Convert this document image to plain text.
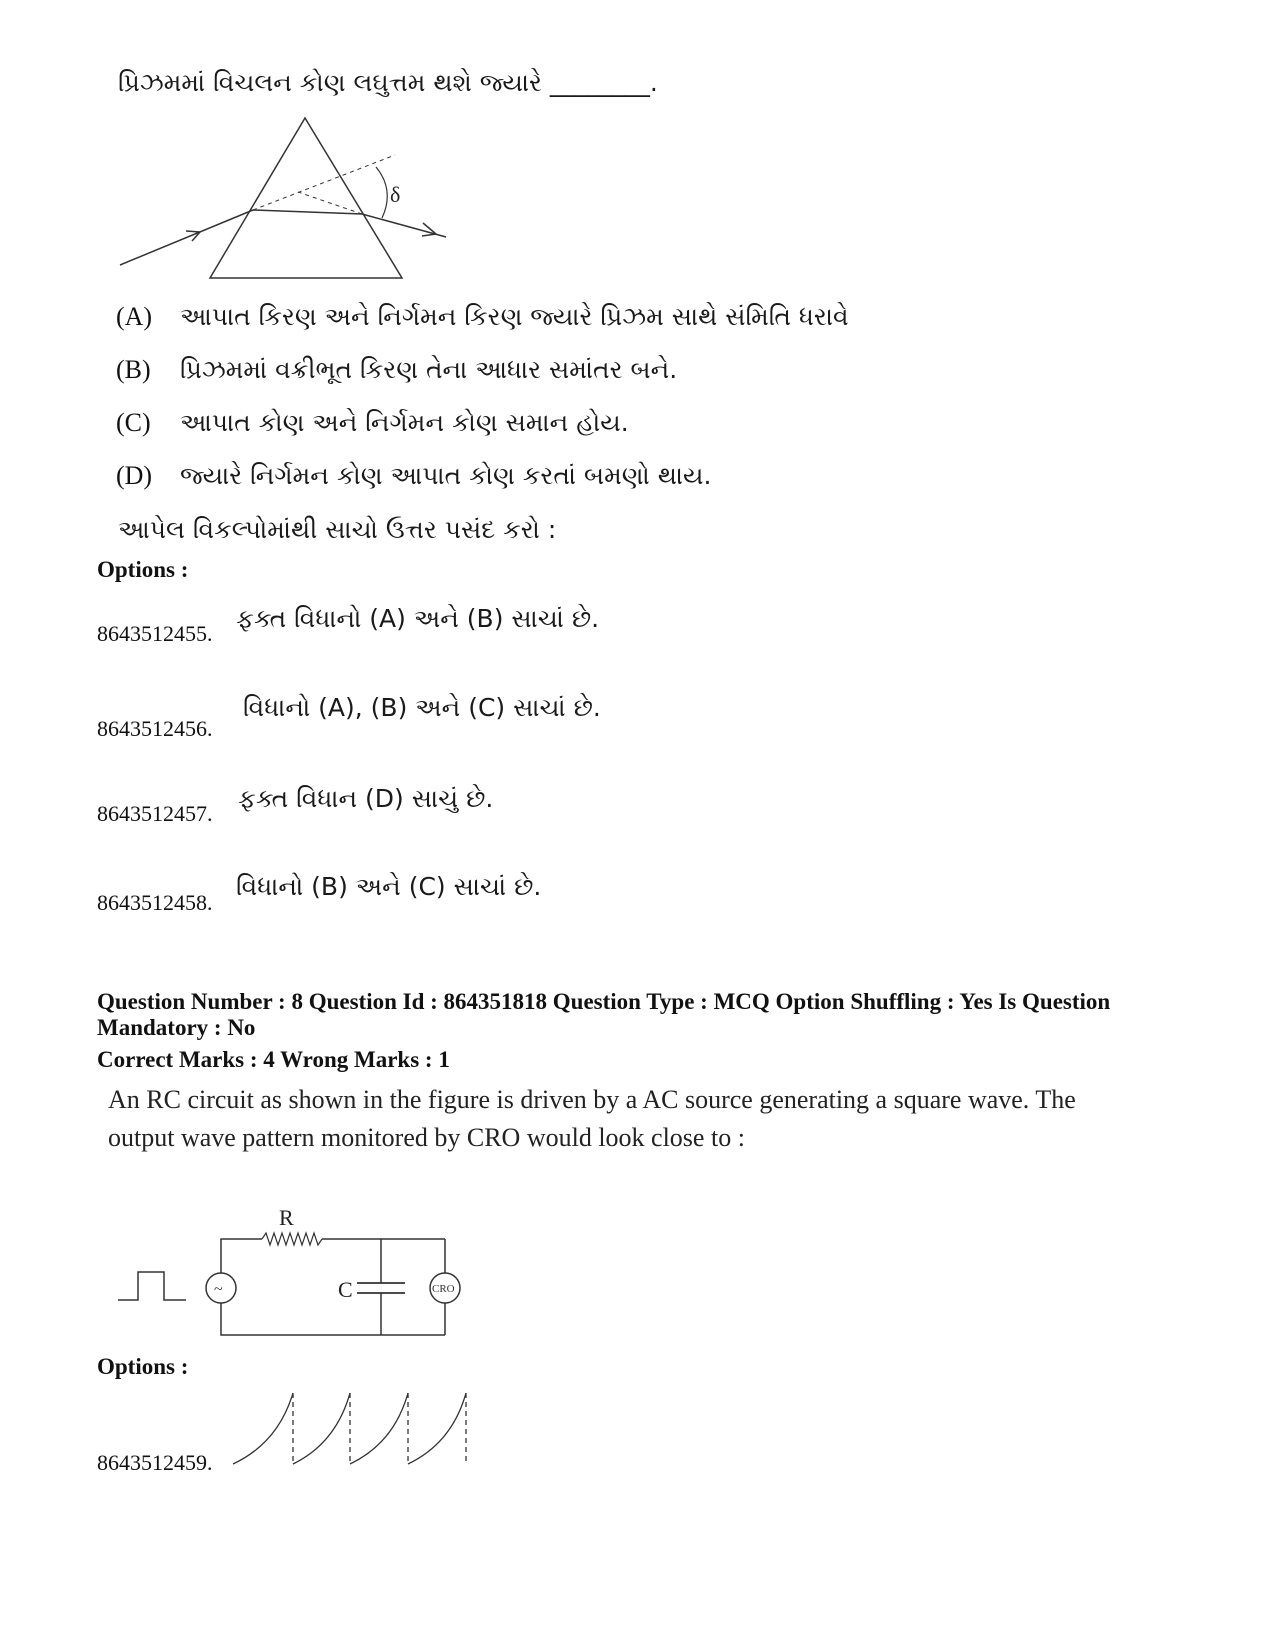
પ્રિઝમમાં વિચલન કોણ લઘુત્તમ થશે જ્યારે ________.
δ
(A) આપાત કિરણ અને નિર્ગમન કિરણ જ્યારે પ્રિઝમ સાથે સંમિતિ ધરાવે
(B) પ્રિઝમમાં વક્રીભૂત કિરણ તેના આધાર સમાંતર બને.
(C) આપાત કોણ અને નિર્ગમન કોણ સમાન હોય.
(D) જ્યારે નિર્ગમન કોણ આપાત કોણ કરતાં બમણો થાય.
આપેલ વિકલ્પોમાંથી સાચો ઉત્તર પસંદ કરો :
Options :
8643512455.
ફક્ત વિધાનો (A) અને (B) સાચાં છે.
8643512456.
વિધાનો (A), (B) અને (C) સાચાં છે.
8643512457.
ફક્ત વિધાન (D) સાચું છે.
8643512458.
વિધાનો (B) અને (C) સાચાં છે.
Question Number : 8 Question Id : 864351818 Question Type : MCQ Option Shuffling : Yes Is Question
Mandatory : No
Correct Marks : 4 Wrong Marks : 1
An RC circuit as shown in the figure is driven by a AC source generating a square wave. The
output wave pattern monitored by CRO would look close to :
~
R
C	CRO
Options :
8643512459.
